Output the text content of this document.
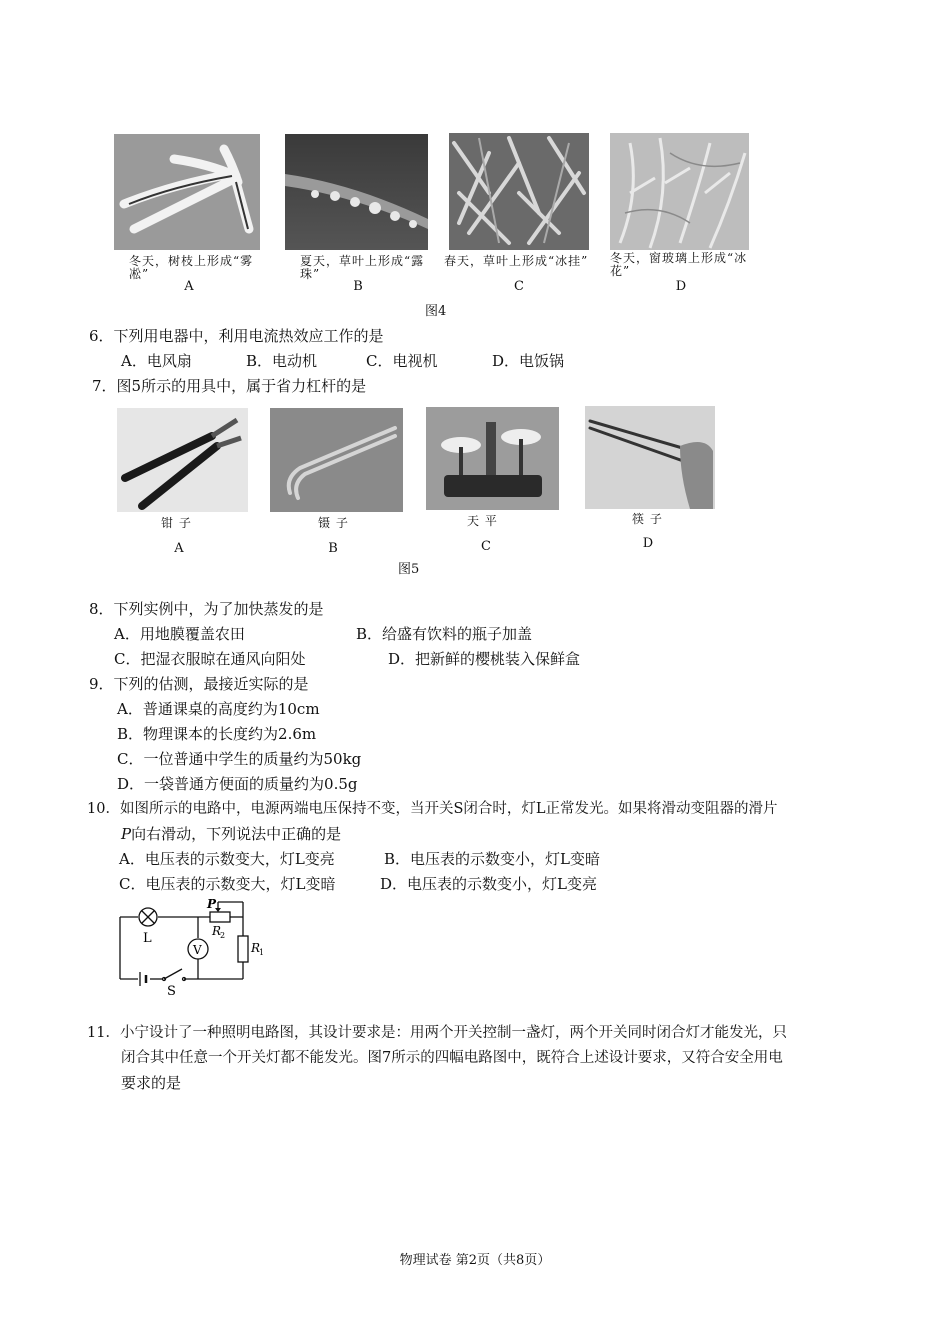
冬天，树枝上形成“雾凇”
夏天，草叶上形成“露珠”
春天，草叶上形成“冰挂”	冬天，窗玻璃上形成“冰花”
A	B	C	D
图4
6．下列用电器中，利用电流热效应工作的是
A．电风扇	B．电动机	C．电视机	D．电饭锅
7．图5所示的用具中，属于省力杠杆的是
钳 子	镊 子	天 平	筷 子
A	B	C	D
图5
8．下列实例中，为了加快蒸发的是
A．用地膜覆盖农田	B．给盛有饮料的瓶子加盖
C．把湿衣服晾在通风向阳处	D．把新鲜的樱桃装入保鲜盒
9．下列的估测，最接近实际的是
A．普通课桌的高度约为10cm
B．物理课本的长度约为2.6m
C．一位普通中学生的质量约为50kg
D．一袋普通方便面的质量约为0.5g
10．如图所示的电路中，电源两端电压保持不变，当开关S闭合时，灯L正常发光。如果将滑动变阻器的滑片
P向右滑动，下列说法中正确的是
A．电压表的示数变大，灯L变亮	B．电压表的示数变小，灯L变暗
C．电压表的示数变大，灯L变暗	D．电压表的示数变小，灯L变亮
L
V
P
R
2
R
1
S
11．小宁设计了一种照明电路图，其设计要求是：用两个开关控制一盏灯，两个开关同时闭合灯才能发光，只
闭合其中任意一个开关灯都不能发光。图7所示的四幅电路图中，既符合上述设计要求，又符合安全用电
要求的是
物理试卷 第2页（共8页）
